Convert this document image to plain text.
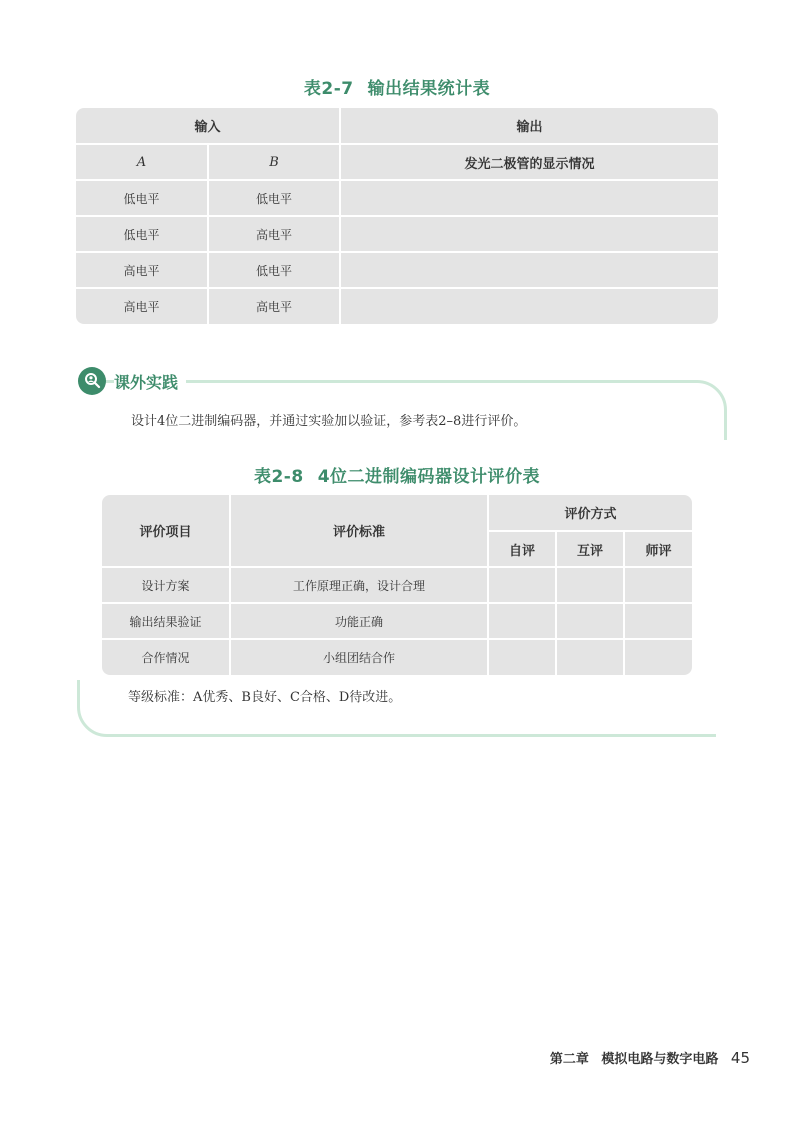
表2-7 输出结果统计表
输入		输出
A	B	发光二极管的显示情况
低电平	低电平	
低电平	高电平	
高电平	低电平	
高电平	高电平	
课外实践
设计4位二进制编码器，并通过实验加以验证，参考表2–8进行评价。
表2-8 4位二进制编码器设计评价表
评价项目	评价标准	评价方式		
		自评	互评	师评
设计方案	工作原理正确，设计合理			
输出结果验证	功能正确			
合作情况	小组团结合作			
等级标准：A优秀、B良好、C合格、D待改进。
第二章 模拟电路与数字电路 45
